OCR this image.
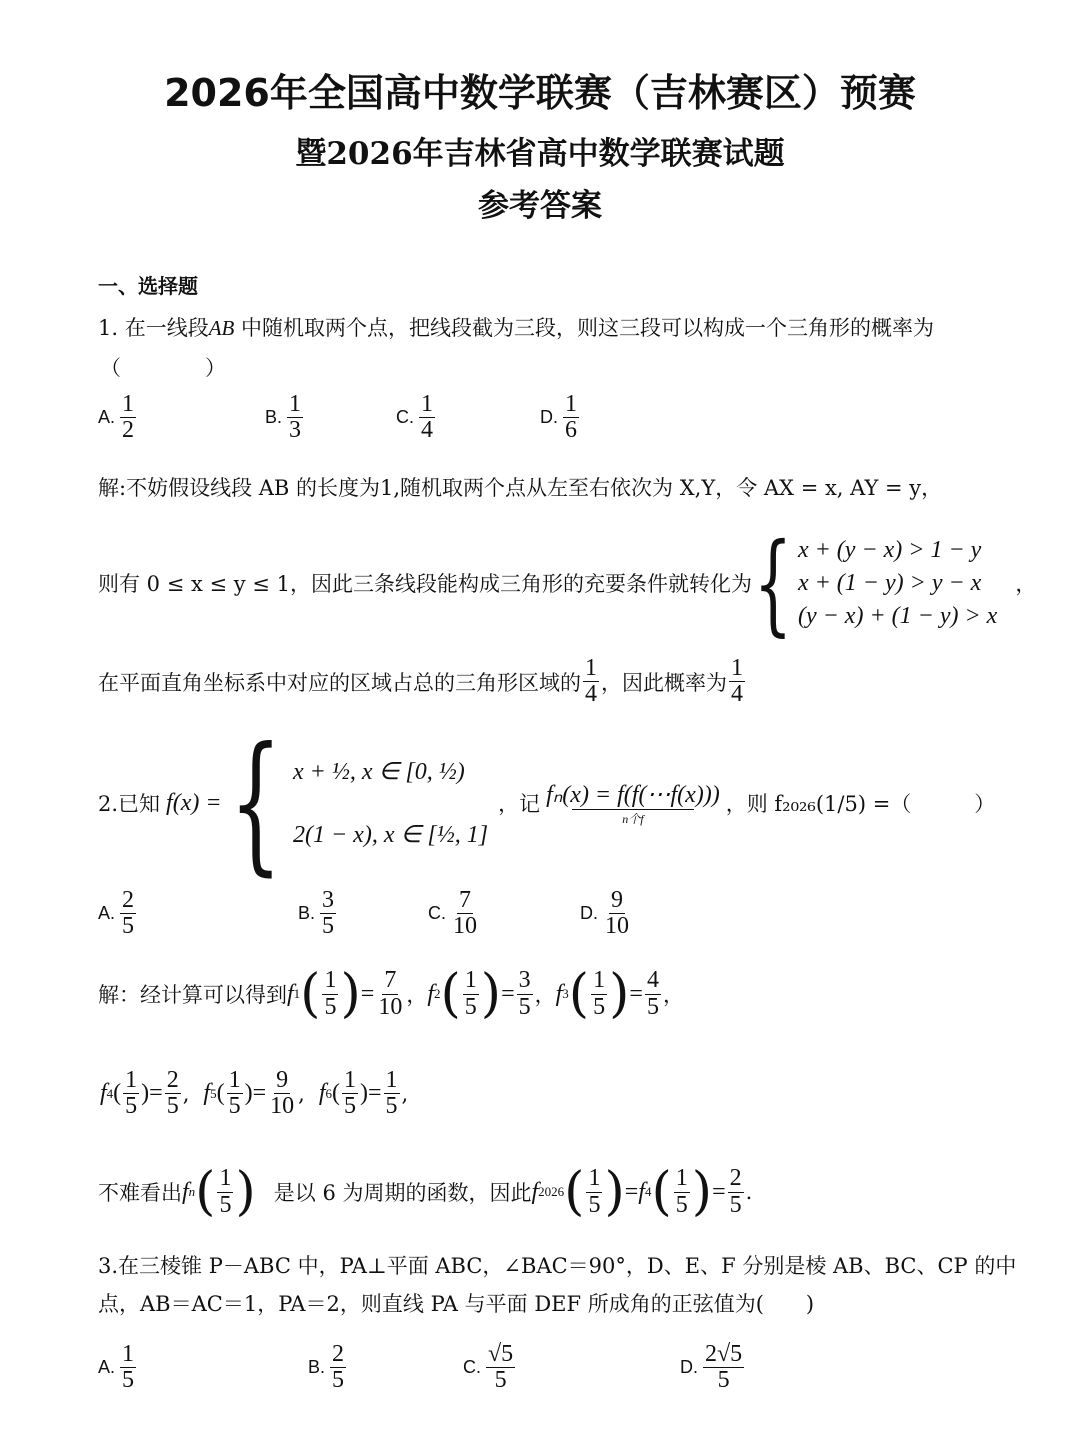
2026年全国高中数学联赛（吉林赛区）预赛
暨2026年吉林省高中数学联赛试题
参考答案
一、选择题
1. 在一线段AB 中随机取两个点，把线段截为三段，则这三段可以构成一个三角形的概率为
（　　　　）
A. $\frac{1}{2}$	B. $\frac{1}{3}$	C. $\frac{1}{4}$	D. $\frac{1}{6}$
解:不妨假设线段 AB 的长度为1,随机取两个点从左至右依次为 X,Y，令 AX = x, AY = y，
则有 0 ≤ x ≤ y ≤ 1，因此三条线段能构成三角形的充要条件就转化为 { x + (y − x) > 1 − y
x + (1 − y) > y − x
(y − x) + (1 − y) > x
，
在平面直角坐标系中对应的区域占总的三角形区域的 $\frac{1}{4}$ ，因此概率为 $\frac{1}{4}$
2.已知 f(x) = { x + ½, x ∈ [0, ½)
2(1 − x), x ∈ [½, 1]
，记 fₙ(x) = f(f(⋯f(x)))
n个f
，则 f₂₀₂₆(1/5) =（　　　）
A. $\frac{2}{5}$	B. $\frac{3}{5}$	C. $\frac{7}{10}$	D. $\frac{9}{10}$
解：经计算可以得到 f 1 ( $\frac{1}{5}$ ) = $\frac{7}{10}$ ， f 2 ( $\frac{1}{5}$ ) = $\frac{3}{5}$ ， f 3 ( $\frac{1}{5}$ ) = $\frac{4}{5}$ ，
f 4 ( $\frac{1}{5}$ ) = $\frac{2}{5}$ , f 5 ( $\frac{1}{5}$ ) = $\frac{9}{10}$ , f 6 ( $\frac{1}{5}$ ) = $\frac{1}{5}$ ,
不难看出 f n ( $\frac{1}{5}$ ) 是以 6 为周期的函数，因此 f 2026 ( $\frac{1}{5}$ ) = f 4 ( $\frac{1}{5}$ ) = $\frac{2}{5}$ .
3.在三棱锥 P－ABC 中，PA⊥平面 ABC，∠BAC＝90°，D、E、F 分别是棱 AB、BC、CP 的中
点，AB＝AC＝1，PA＝2，则直线 PA 与平面 DEF 所成角的正弦值为(　　)
A. $\frac{1}{5}$	B. $\frac{2}{5}$	C. $\frac{√5}{5}$	D. $\frac{2√5}{5}$
